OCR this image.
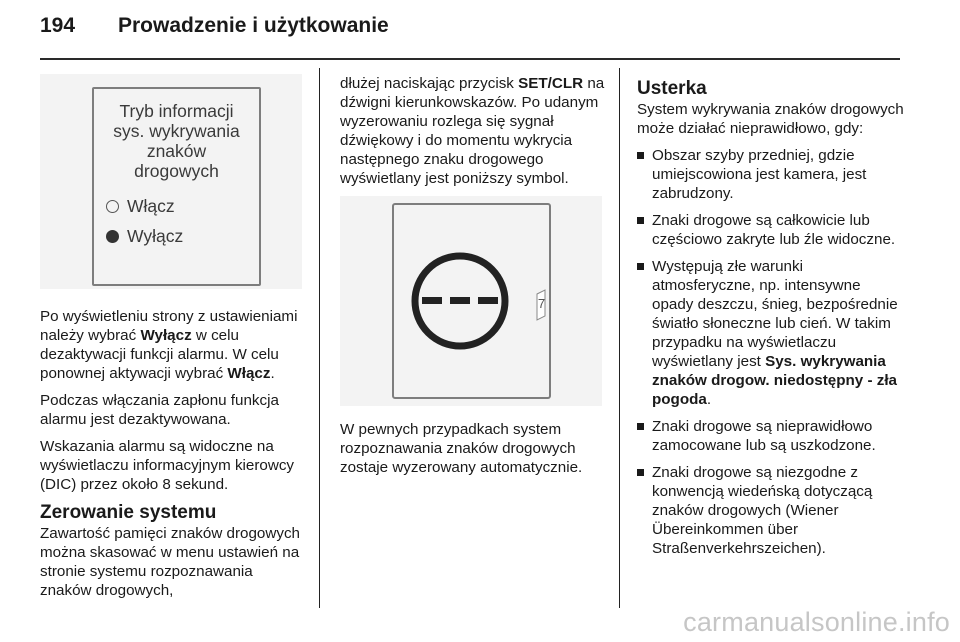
194 Prowadzenie i użytkowanie
Tryb informacji
sys. wykrywania
znaków
drogowych
Włącz
Wyłącz

Po wyświetleniu strony z ustawieniami należy wybrać Wyłącz w celu dezaktywacji funkcji alarmu. W celu ponownej aktywacji wybrać Włącz.

Podczas włączania zapłonu funkcja alarmu jest dezaktywowana.

Wskazania alarmu są widoczne na wyświetlaczu informacyjnym kierowcy (DIC) przez około 8 sekund.

Zerowanie systemu

Zawartość pamięci znaków drogowych można skasować w menu ustawień na stronie systemu rozpoznawania znaków drogowych,

dłużej naciskając przycisk SET/CLR na dźwigni kierunkowskazów. Po udanym wyzerowaniu rozlega się sygnał dźwiękowy i do momentu wykrycia następnego znaku drogowego wyświetlany jest poniższy symbol.

7

W pewnych przypadkach system rozpoznawania znaków drogowych zostaje wyzerowany automatycznie.

Usterka

System wykrywania znaków drogowych może działać nieprawidłowo, gdy:

Obszar szyby przedniej, gdzie umiejscowiona jest kamera, jest zabrudzony.
Znaki drogowe są całkowicie lub częściowo zakryte lub źle widoczne.
Występują złe warunki atmosferyczne, np. intensywne opady deszczu, śnieg, bezpośrednie światło słoneczne lub cień. W takim przypadku na wyświetlaczu wyświetlany jest Sys. wykrywania znaków drogow. niedostępny - zła pogoda.
Znaki drogowe są nieprawidłowo zamocowane lub są uszkodzone.
Znaki drogowe są niezgodne z konwencją wiedeńską dotyczącą znaków drogowych (Wiener Übereinkommen über Straßenverkehrszeichen).
carmanualsonline.info
